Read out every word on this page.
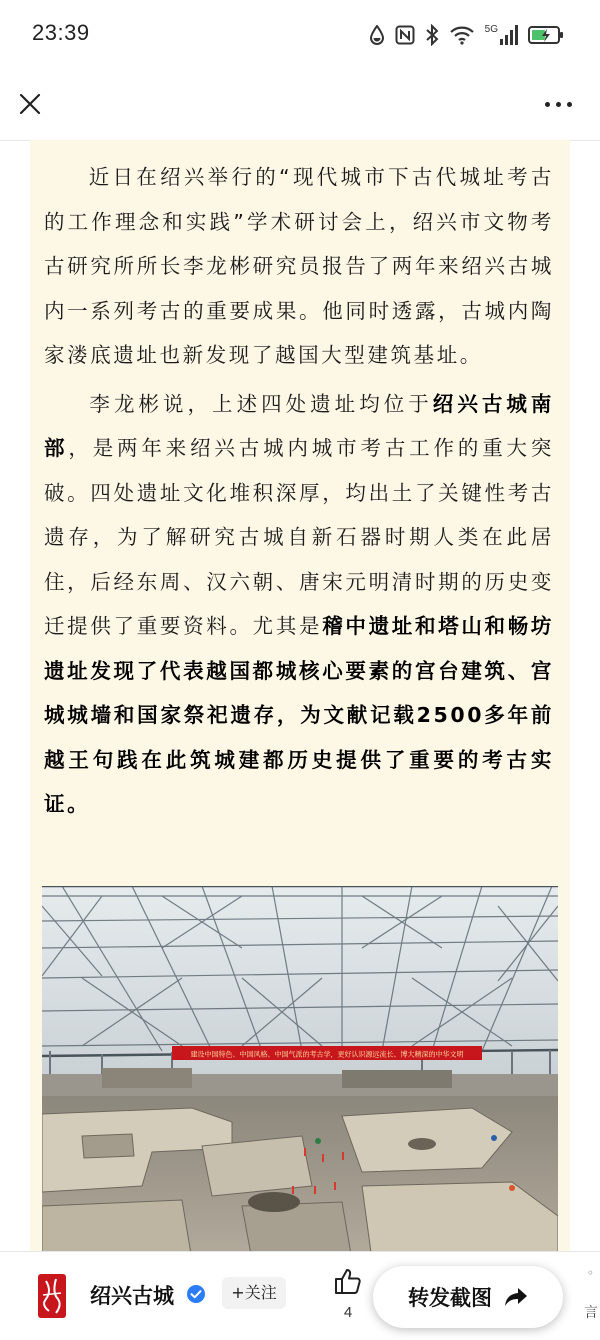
23:39	5G

近日在绍兴举行的“现代城市下古代城址考古的工作理念和实践”学术研讨会上，绍兴市文物考古研究所所长李龙彬研究员报告了两年来绍兴古城内一系列考古的重要成果。他同时透露，古城内陶家溇底遗址也新发现了越国大型建筑基址。

李龙彬说，上述四处遗址均位于绍兴古城南部，是两年来绍兴古城内城市考古工作的重大突破。四处遗址文化堆积深厚，均出土了关键性考古遗存，为了解研究古城自新石器时期人类在此居住，后经东周、汉六朝、唐宋元明清时期的历史变迁提供了重要资料。尤其是稽中遗址和塔山和畅坊遗址发现了代表越国都城核心要素的宫台建筑、宫城城墙和国家祭祀遗存，为文献记载2500多年前越王句践在此筑城建都历史提供了重要的考古实证。

建设中国特色、中国风格、中国气派的考古学，更好认识源远流长、博大精深的中华文明
绍兴古城	+关注
4
◦
言
转发截图
